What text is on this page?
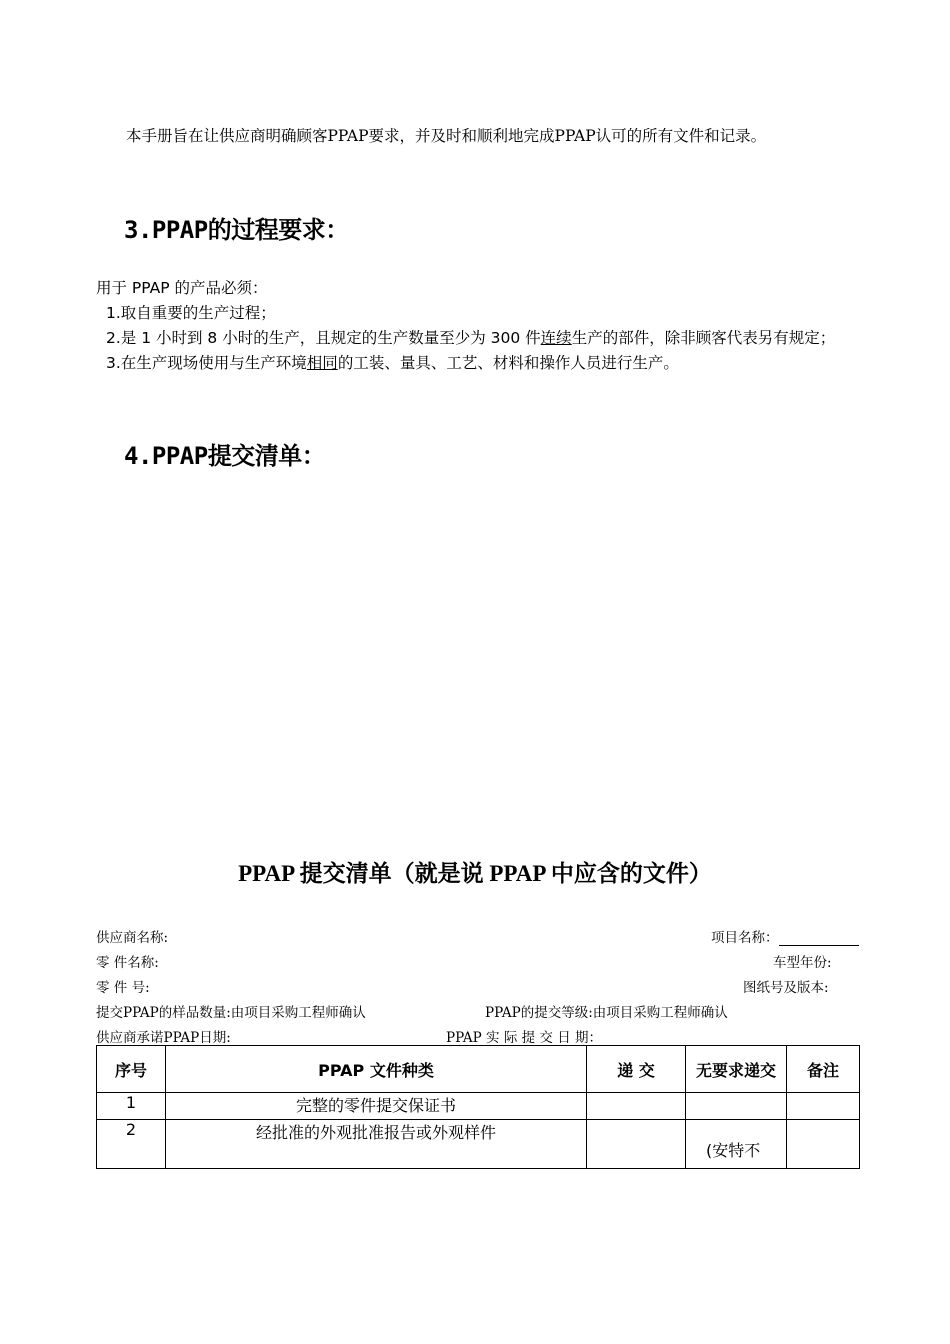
本手册旨在让供应商明确顾客PPAP要求，并及时和顺利地完成PPAP认可的所有文件和记录。

3.PPAP的过程要求：

用于 PPAP 的产品必须：

1.取自重要的生产过程；

2.是 1 小时到 8 小时的生产，且规定的生产数量至少为 300 件连续生产的部件，除非顾客代表另有规定；

3.在生产现场使用与生产环境相同的工装、量具、工艺、材料和操作人员进行生产。

4.PPAP提交清单：
PPAP 提交清单（就是说 PPAP 中应含的文件）
供应商名称:	项目名称：
零 件名称:	车型年份:
零 件 号:	图纸号及版本:
提交PPAP的样品数量:由项目采购工程师确认	PPAP的提交等级:由项目采购工程师确认
供应商承诺PPAP日期:	PPAP 实 际 提 交 日 期：
序号	PPAP 文件种类	递 交	无要求递交	备注
1	完整的零件提交保证书			
2	经批准的外观批准报告或外观样件		(安特不	
